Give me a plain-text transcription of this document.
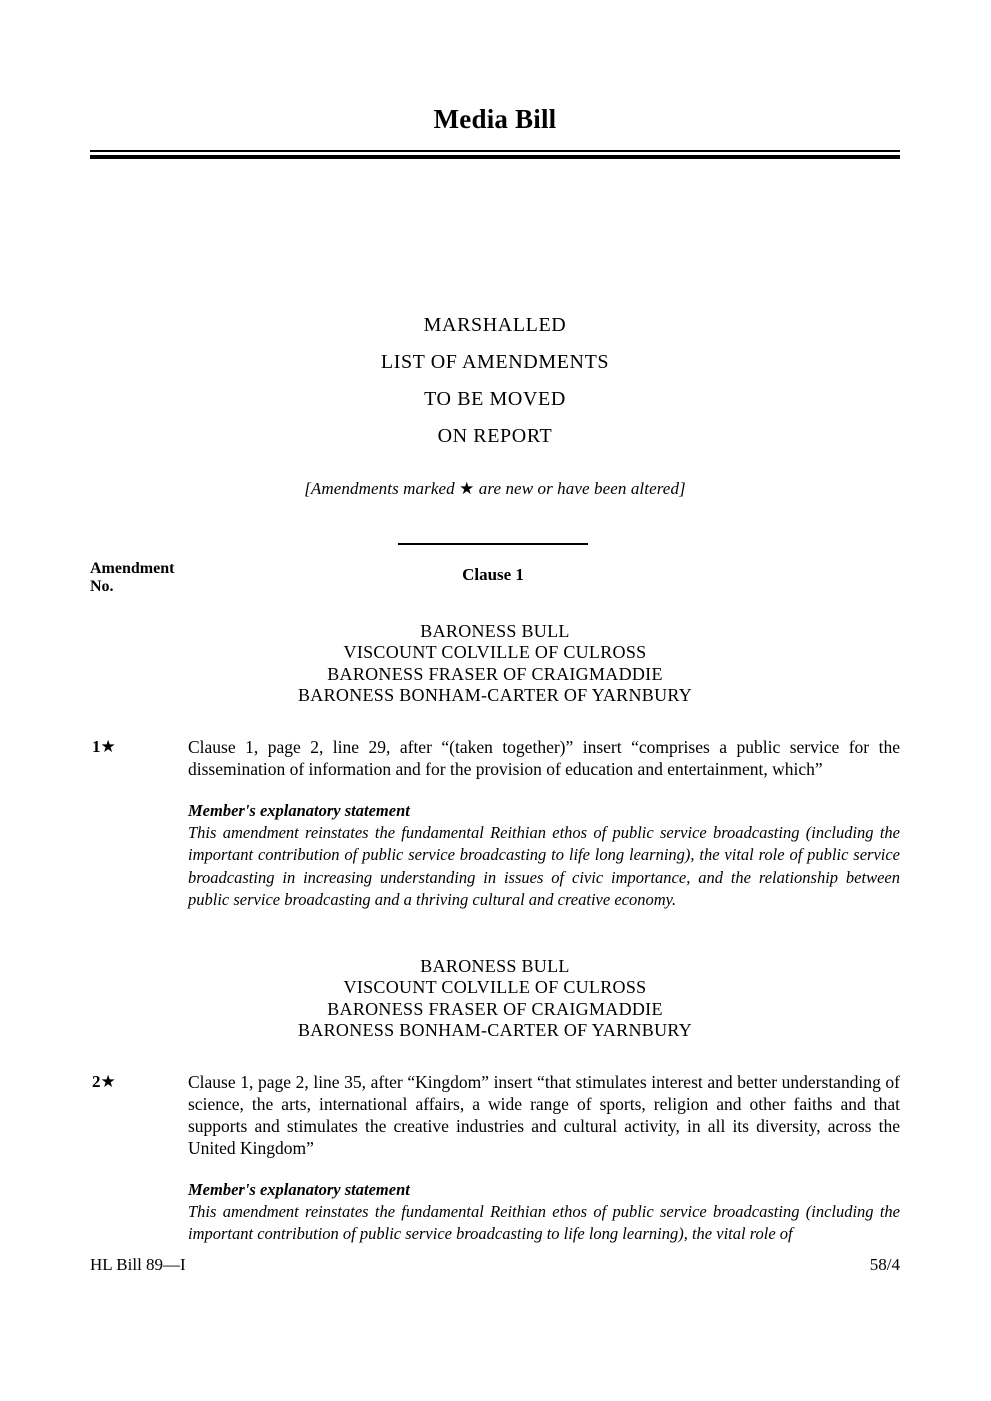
Media Bill
MARSHALLED
LIST OF AMENDMENTS
TO BE MOVED
ON REPORT
[Amendments marked ★ are new or have been altered]
Amendment
No.
Clause 1
BARONESS BULL
VISCOUNT COLVILLE OF CULROSS
BARONESS FRASER OF CRAIGMADDIE
BARONESS BONHAM-CARTER OF YARNBURY
1★	Clause 1, page 2, line 29, after “(taken together)” insert “comprises a public service for the dissemination of information and for the provision of education and entertainment, which”
Member's explanatory statement
This amendment reinstates the fundamental Reithian ethos of public service broadcasting (including the important contribution of public service broadcasting to life long learning), the vital role of public service broadcasting in increasing understanding in issues of civic importance, and the relationship between public service broadcasting and a thriving cultural and creative economy.
BARONESS BULL
VISCOUNT COLVILLE OF CULROSS
BARONESS FRASER OF CRAIGMADDIE
BARONESS BONHAM-CARTER OF YARNBURY
2★	Clause 1, page 2, line 35, after “Kingdom” insert “that stimulates interest and better understanding of science, the arts, international affairs, a wide range of sports, religion and other faiths and that supports and stimulates the creative industries and cultural activity, in all its diversity, across the United Kingdom”
Member's explanatory statement
This amendment reinstates the fundamental Reithian ethos of public service broadcasting (including the important contribution of public service broadcasting to life long learning), the vital role of
HL Bill 89—I	58/4
